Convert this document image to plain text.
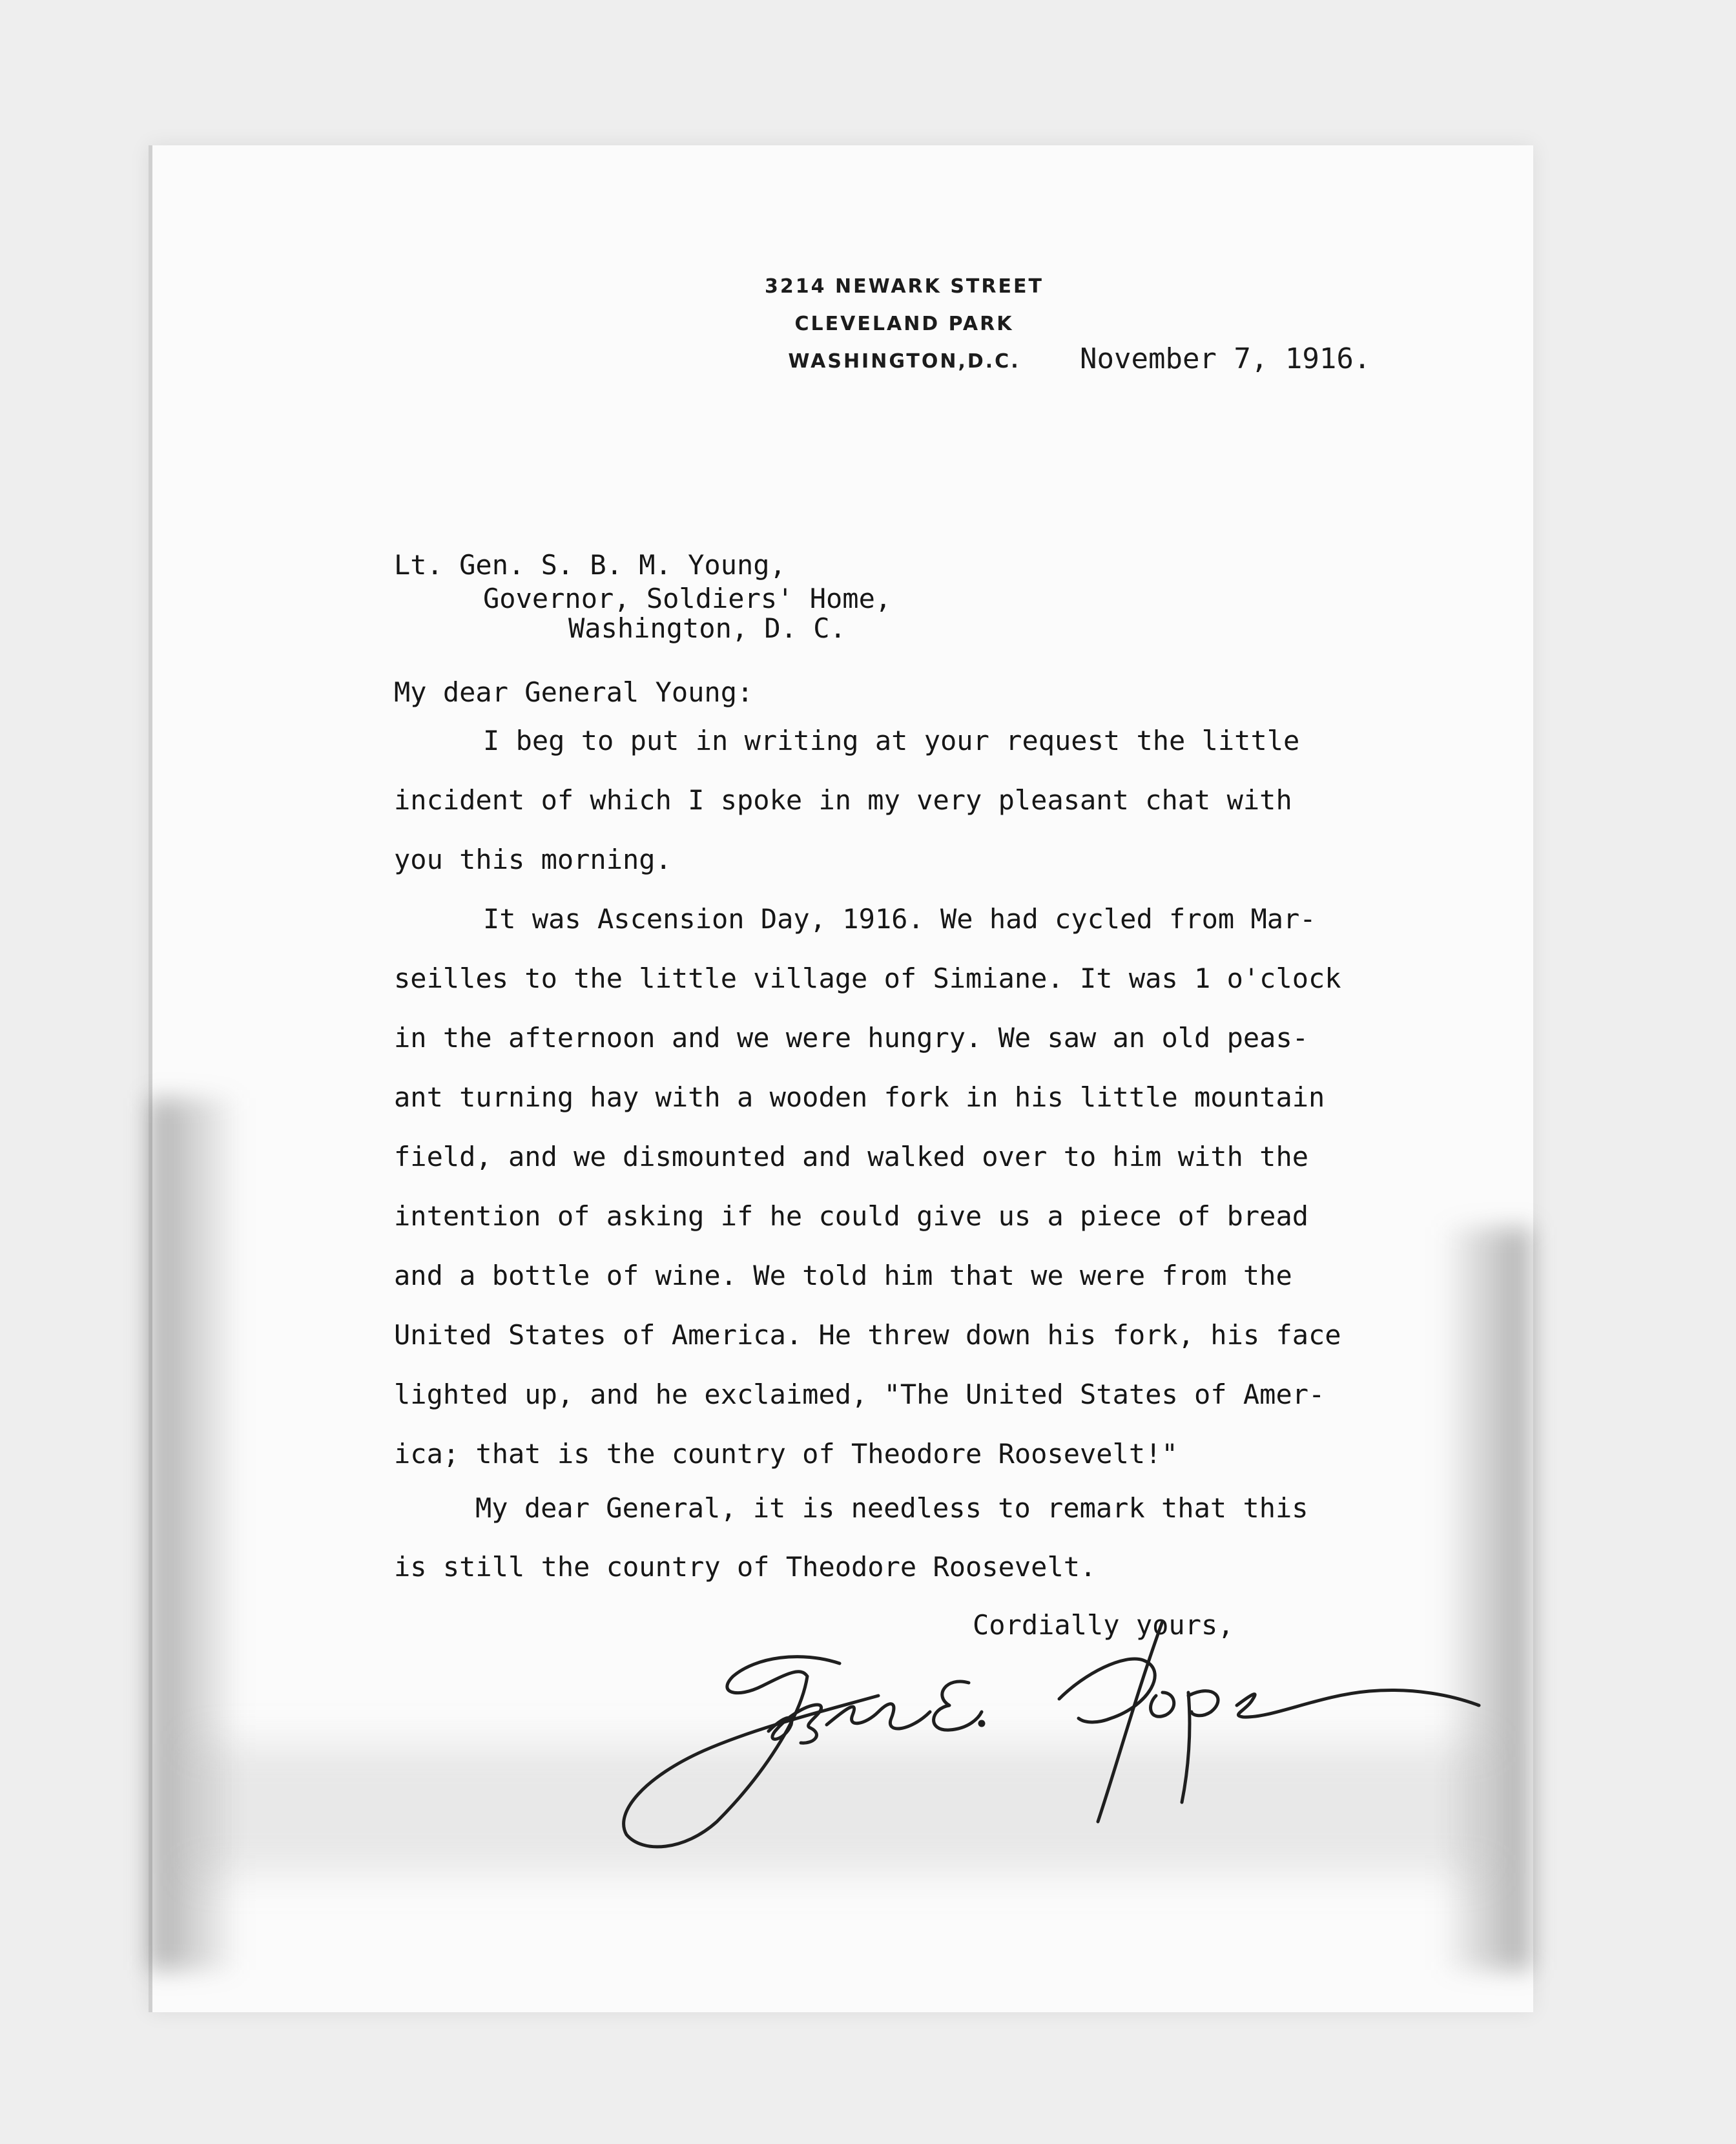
3214 NEWARK STREET
CLEVELAND PARK
WASHINGTON,D.C.	November 7, 1916.
Lt. Gen. S. B. M. Young,
Governor, Soldiers' Home,
Washington, D. C.
My dear General Young:
I beg to put in writing at your request the little
incident of which I spoke in my very pleasant chat with
you this morning.
It was Ascension Day, 1916. We had cycled from Mar-
seilles to the little village of Simiane. It was 1 o'clock
in the afternoon and we were hungry. We saw an old peas-
ant turning hay with a wooden fork in his little mountain
field, and we dismounted and walked over to him with the
intention of asking if he could give us a piece of bread
and a bottle of wine. We told him that we were from the
United States of America. He threw down his fork, his face
lighted up, and he exclaimed, "The United States of Amer-
ica; that is the country of Theodore Roosevelt!"
My dear General, it is needless to remark that this
is still the country of Theodore Roosevelt.
Cordially yours,
